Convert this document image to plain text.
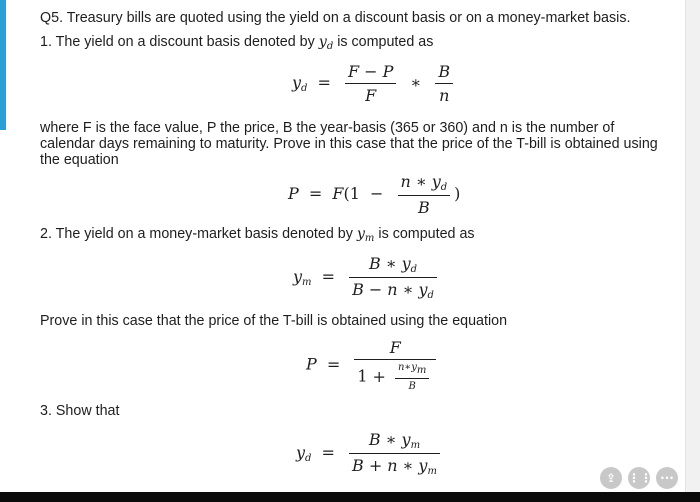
Q5. Treasury bills are quoted using the yield on a discount basis or on a money-market basis.

1. The yield on a discount basis denoted by $y_d$ is computed as

$y_d = \frac{F - P}{F}$ ∗ $\frac{B}{n}$

where F is the face value, P the price, B the year-basis (365 or 360) and n is the number of calendar days remaining to maturity. Prove in this case that the price of the T-bill is obtained using the equation

$P = F(1 - \frac{n ∗ y_d}{B}$ )

2. The yield on a money-market basis denoted by $y_m$ is computed as

$y_m = \frac{B ∗ y_d}{B - n ∗ y_d}$

Prove in this case that the price of the T-bill is obtained using the equation

$P = \frac{F}{1 + \frac{n∗ym}{B}}$

3. Show that

$y_d = \frac{B ∗ y_m}{B + n ∗ y_m}$
⇪ ⋮⋮ ···
